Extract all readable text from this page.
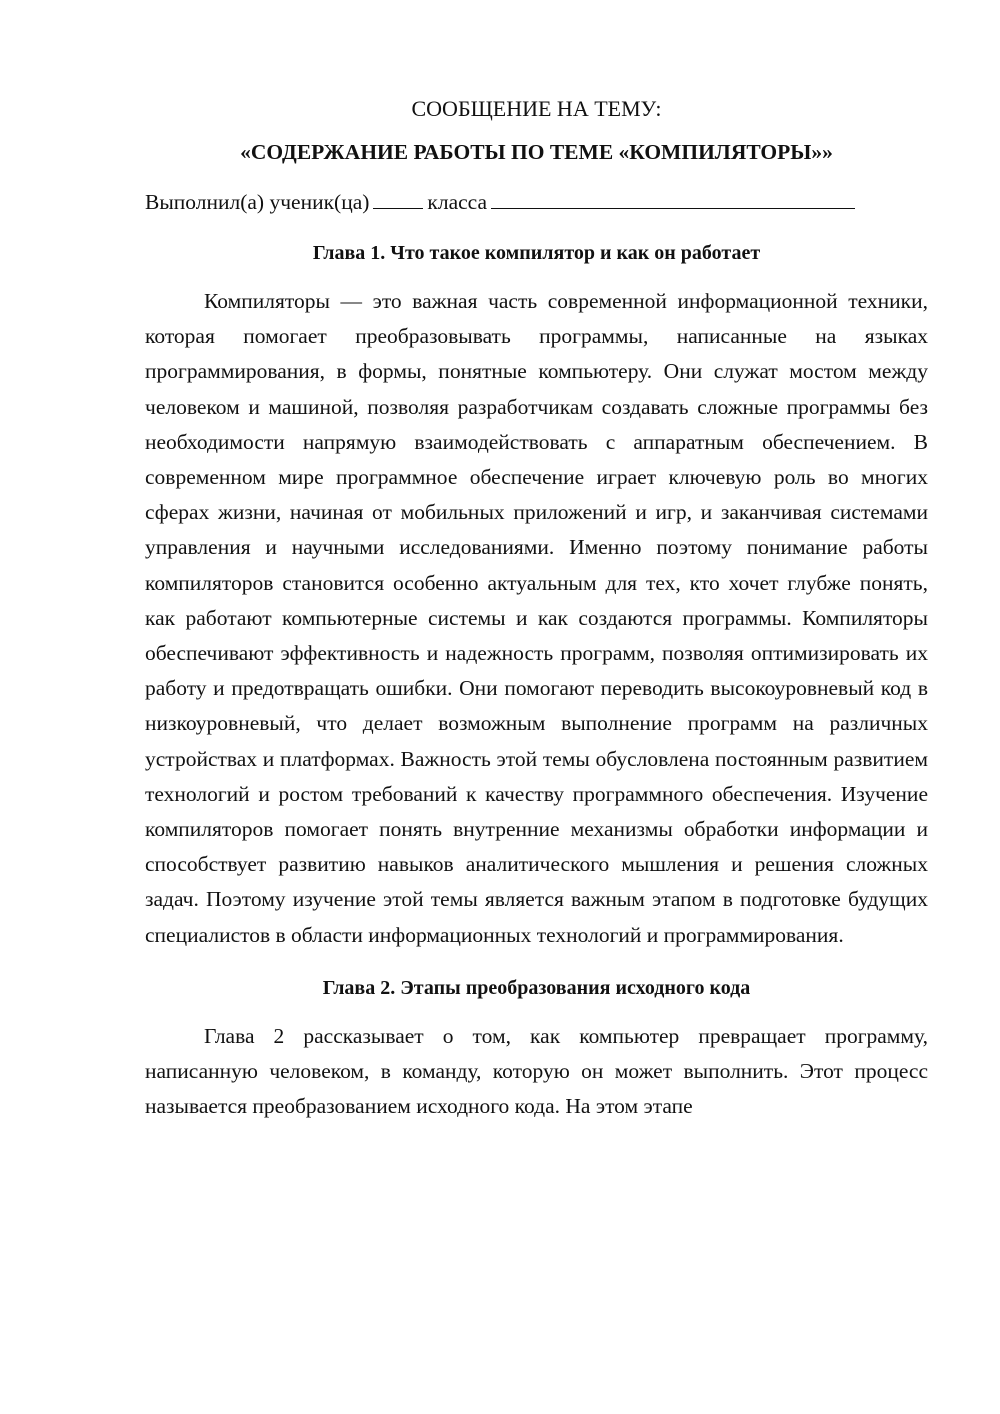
СООБЩЕНИЕ НА ТЕМУ:
«СОДЕРЖАНИЕ РАБОТЫ ПО ТЕМЕ «КОМПИЛЯТОРЫ»»
Выполнил(а) ученик(ца)	класса
Глава 1. Что такое компилятор и как он работает

Компиляторы — это важная часть современной информационной техники, которая помогает преобразовывать программы, написанные на языках программирования, в формы, понятные компьютеру. Они служат мостом между человеком и машиной, позволяя разработчикам создавать сложные программы без необходимости напрямую взаимодействовать с аппаратным обеспечением. В современном мире программное обеспечение играет ключевую роль во многих сферах жизни, начиная от мобильных приложений и игр, и заканчивая системами управления и научными исследованиями. Именно поэтому понимание работы компиляторов становится особенно актуальным для тех, кто хочет глубже понять, как работают компьютерные системы и как создаются программы. Компиляторы обеспечивают эффективность и надежность программ, позволяя оптимизировать их работу и предотвращать ошибки. Они помогают переводить высокоуровневый код в низкоуровневый, что делает возможным выполнение программ на различных устройствах и платформах. Важность этой темы обусловлена постоянным развитием технологий и ростом требований к качеству программного обеспечения. Изучение компиляторов помогает понять внутренние механизмы обработки информации и способствует развитию навыков аналитического мышления и решения сложных задач. Поэтому изучение этой темы является важным этапом в подготовке будущих специалистов в области информационных технологий и программирования.

Глава 2. Этапы преобразования исходного кода

Глава 2 рассказывает о том, как компьютер превращает программу, написанную человеком, в команду, которую он может выполнить. Этот процесс называется преобразованием исходного кода. На этом этапе
